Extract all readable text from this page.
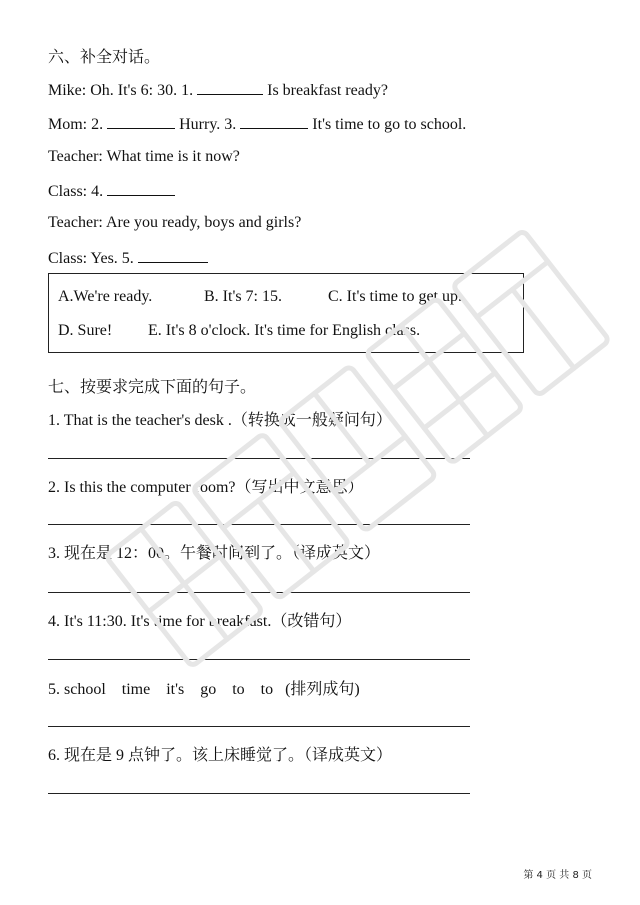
六、补全对话。
Mike: Oh. It's 6: 30. 1.	Is breakfast ready?
Mom: 2.	Hurry. 3.	It's time to go to school.
Teacher: What time is it now?
Class: 4.
Teacher: Are you ready, boys and girls?
Class: Yes. 5.
A.We're ready.	B. It's 7: 15.	C. It's time to get up.
D. Sure! E. It's 8 o'clock. It's time for English class.
七、按要求完成下面的句子。
1. That is the teacher's desk .（转换成一般疑问句）
2. Is this the computer room?（写出中文意思）
3. 现在是 12：00。午餐时间到了。（译成英文）
4. It's 11:30. It's time for breakfast.（改错句）
5. school    time    it's    go    to    to   (排列成句)
6. 现在是 9 点钟了。该上床睡觉了。（译成英文）
第 4 页 共 8 页
